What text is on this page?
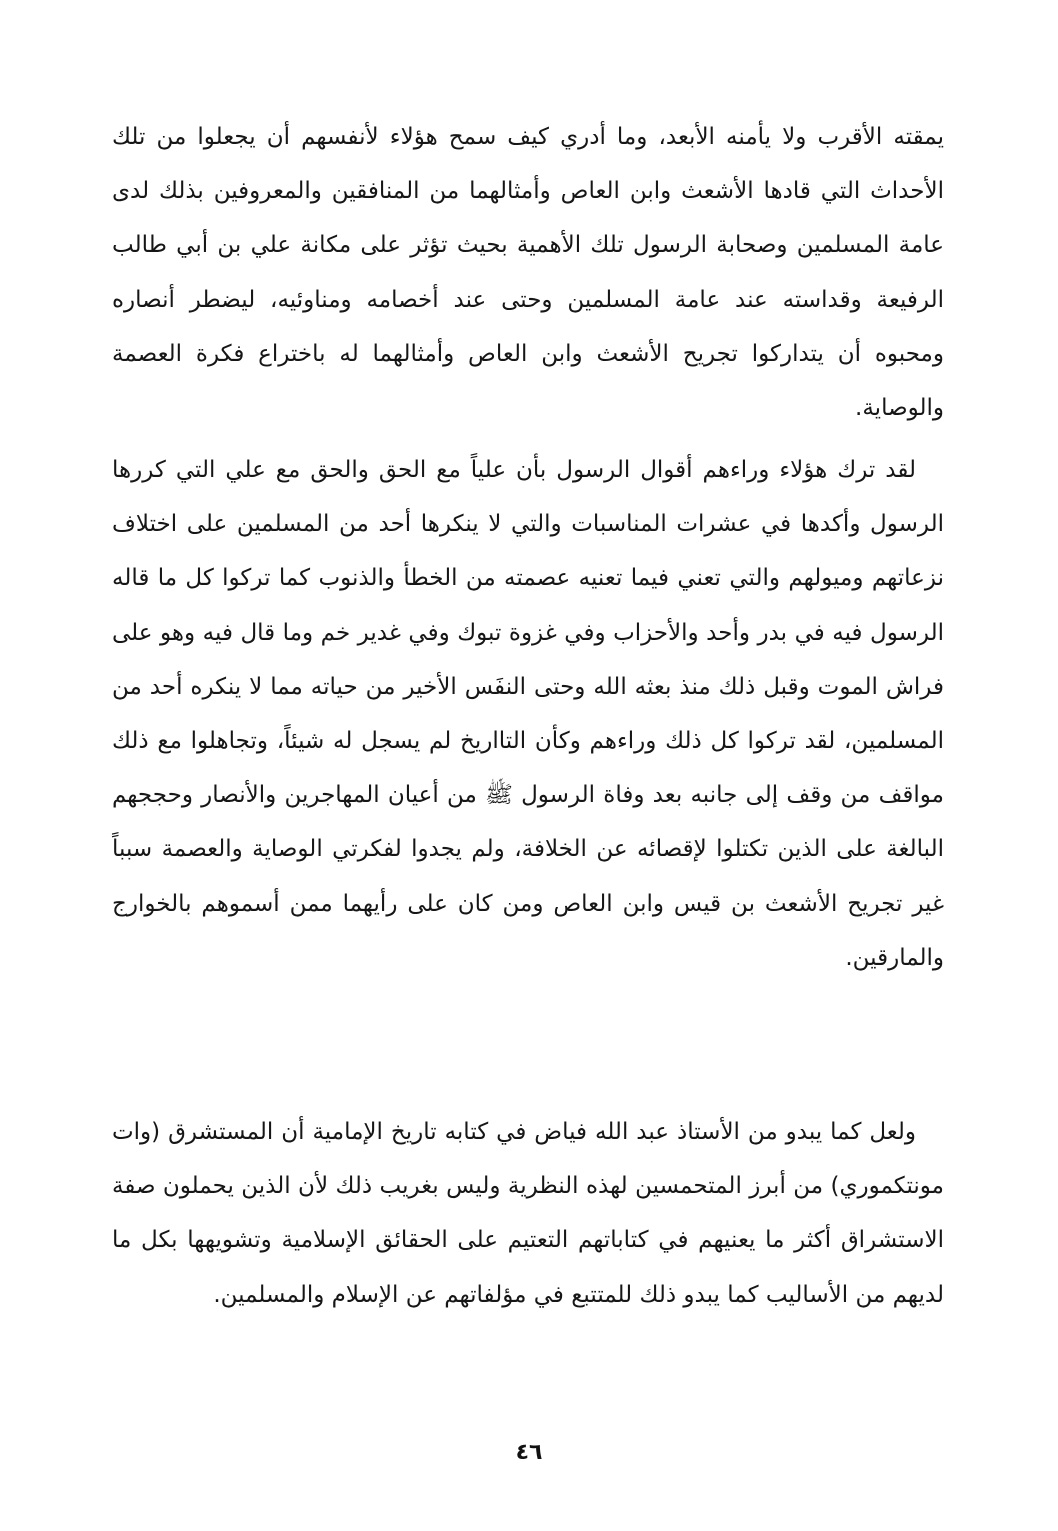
يمقته الأقرب ولا يأمنه الأبعد، وما أدري كيف سمح هؤلاء لأنفسهم أن يجعلوا من تلك الأحداث التي قادها الأشعث وابن العاص وأمثالهما من المنافقين والمعروفين بذلك لدى عامة المسلمين وصحابة الرسول تلك الأهمية بحيث تؤثر على مكانة علي بن أبي طالب الرفيعة وقداسته عند عامة المسلمين وحتى عند أخصامه ومناوئيه، ليضطر أنصاره ومحبوه أن يتداركوا تجريح الأشعث وابن العاص وأمثالهما له باختراع فكرة العصمة والوصاية.

لقد ترك هؤلاء وراءهم أقوال الرسول بأن علياً مع الحق والحق مع علي التي كررها الرسول وأكدها في عشرات المناسبات والتي لا ينكرها أحد من المسلمين على اختلاف نزعاتهم وميولهم والتي تعني فيما تعنيه عصمته من الخطأ والذنوب كما تركوا كل ما قاله الرسول فيه في بدر وأحد والأحزاب وفي غزوة تبوك وفي غدير خم وما قال فيه وهو على فراش الموت وقبل ذلك منذ بعثه الله وحتى النفَس الأخير من حياته مما لا ينكره أحد من المسلمين، لقد تركوا كل ذلك وراءهم وكأن التااريخ لم يسجل له شيئاً، وتجاهلوا مع ذلك مواقف من وقف إلى جانبه بعد وفاة الرسول ﷺ من أعيان المهاجرين والأنصار وحججهم البالغة على الذين تكتلوا لإقصائه عن الخلافة، ولم يجدوا لفكرتي الوصاية والعصمة سبباً غير تجريح الأشعث بن قيس وابن العاص ومن كان على رأيهما ممن أسموهم بالخوارج والمارقين.

ولعل كما يبدو من الأستاذ عبد الله فياض في كتابه تاريخ الإمامية أن المستشرق (وات مونتكموري) من أبرز المتحمسين لهذه النظرية وليس بغريب ذلك لأن الذين يحملون صفة الاستشراق أكثر ما يعنيهم في كتاباتهم التعتيم على الحقائق الإسلامية وتشويهها بكل ما لديهم من الأساليب كما يبدو ذلك للمتتبع في مؤلفاتهم عن الإسلام والمسلمين.

٤٦
